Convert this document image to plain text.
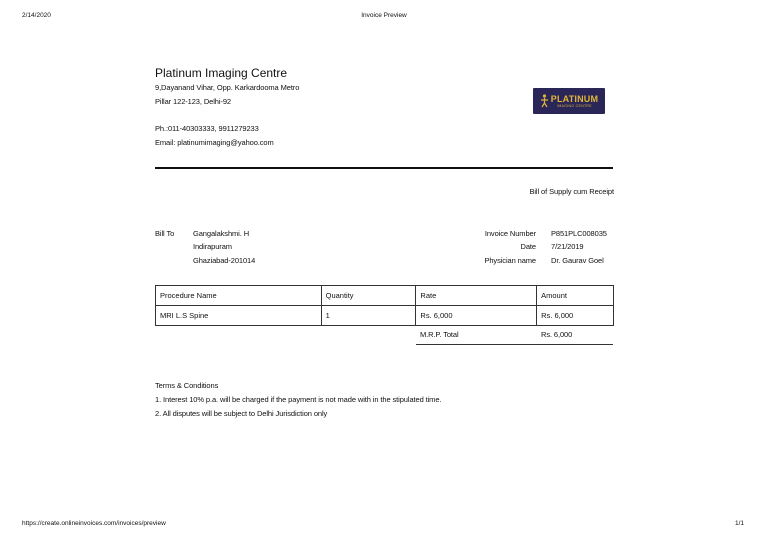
2/14/2020	Invoice Preview
Platinum Imaging Centre
9,Dayanand Vihar, Opp. Karkardooma Metro
Pillar 122-123, Delhi-92
Ph.:011-40303333, 9911279233
Email: platinumimaging@yahoo.com
PLATINUM
IMAGING CENTRE
Bill of Supply cum Receipt
Bill To	Gangalakshmi. H
Indirapuram
Ghaziabad-201014
Invoice Number P851PLC008035
Date 7/21/2019
Physician name Dr. Gaurav Goel
Procedure Name	Quantity	Rate	Amount
MRI L.S Spine	1	Rs. 6,000	Rs. 6,000
M.R.P. Total	Rs. 6,000
Terms & Conditions
1. Interest 10% p.a. will be charged if the payment is not made with in the stipulated time.
2. All disputes will be subject to Delhi Jurisdiction only
https://create.onlineinvoices.com/invoices/preview	1/1
